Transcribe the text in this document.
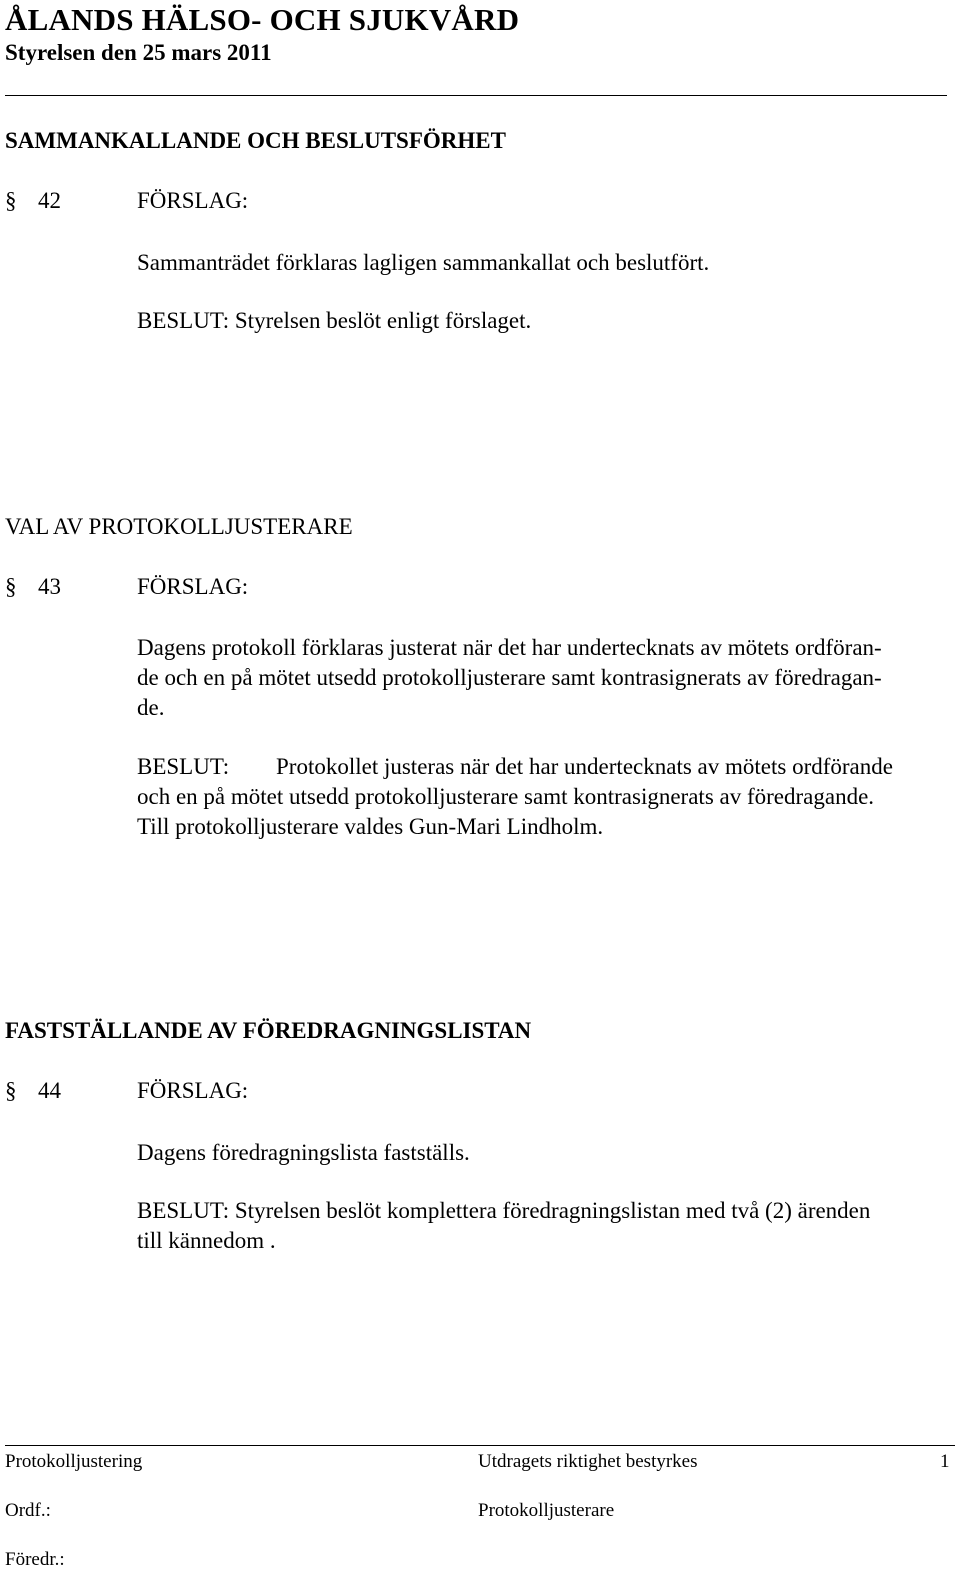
ÅLANDS HÄLSO- OCH SJUKVÅRD
Styrelsen den 25 mars 2011
SAMMANKALLANDE OCH BESLUTSFÖRHET
§ 42	FÖRSLAG:
Sammanträdet förklaras lagligen sammankallat och beslutfört.
BESLUT: Styrelsen beslöt enligt förslaget.
VAL AV PROTOKOLLJUSTERARE
§ 43	FÖRSLAG:
Dagens protokoll förklaras justerat när det har undertecknats av mötets ordföran-
de och en på mötet utsedd protokolljusterare samt kontrasignerats av föredragan-
de.
BESLUT: Protokollet justeras när det har undertecknats av mötets ordförande
och en på mötet utsedd protokolljusterare samt kontrasignerats av föredragande.
Till protokolljusterare valdes Gun-Mari Lindholm.
FASTSTÄLLANDE AV FÖREDRAGNINGSLISTAN
§ 44	FÖRSLAG:
Dagens föredragningslista fastställs.
BESLUT: Styrelsen beslöt komplettera föredragningslistan med två (2) ärenden
till kännedom .
Protokolljustering	Utdragets riktighet bestyrkes	1
Ordf.:	Protokolljusterare
Föredr.:
